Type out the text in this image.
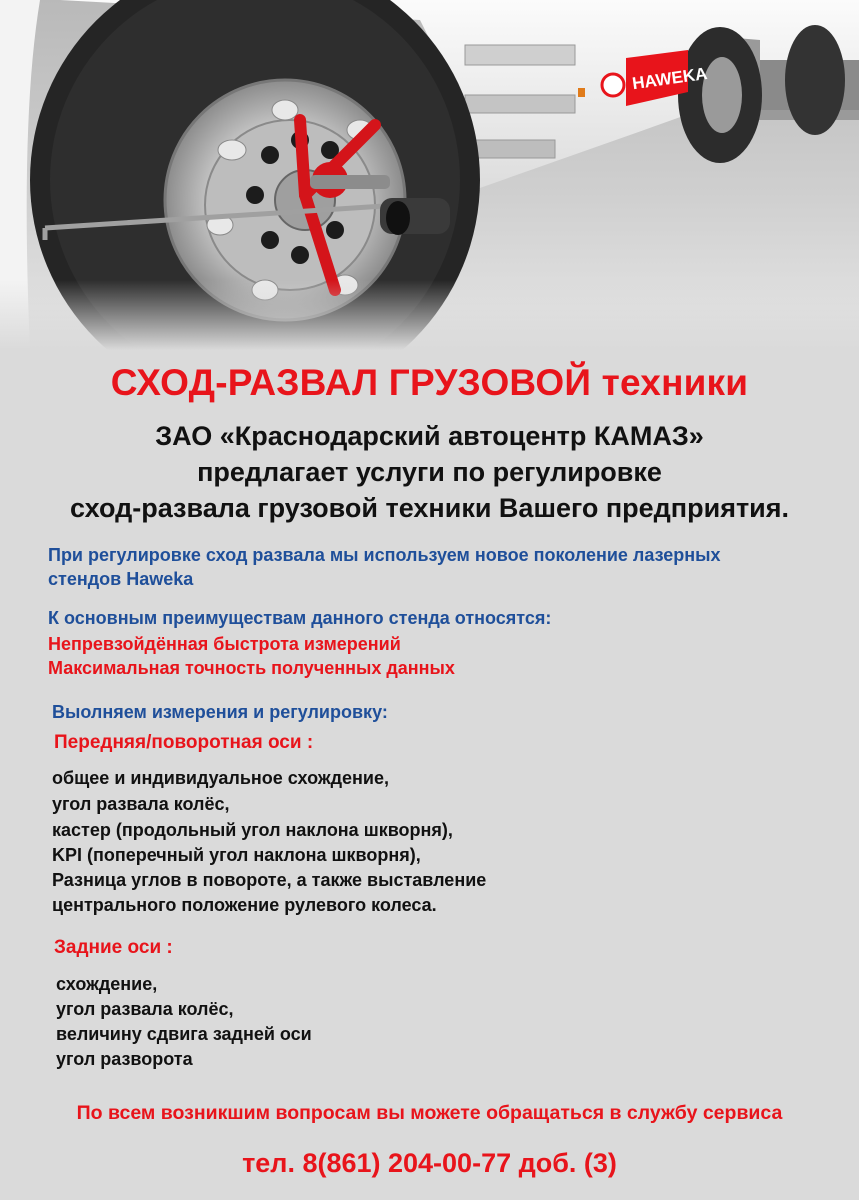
HAWEKA
СХОД-РАЗВАЛ ГРУЗОВОЙ техники

ЗАО «Краснодарский автоцентр КАМАЗ»

предлагает услуги по регулировке

сход-развала грузовой техники Вашего предприятия.

При регулировке сход развала мы используем новое поколение лазерных

стендов Haweka

К основным преимуществам данного стенда относятся:

Непревзойдённая быстрота измерений

Максимальная точность полученных данных

Выолняем измерения и регулировку:

Передняя/поворотная оси :

общее и индивидуальное схождение,

угол развала колёс,

кастер (продольный угол наклона шкворня),

KPI (поперечный угол наклона шкворня),

Разница углов в повороте, а также выставление

центрального положение рулевого колеса.

Задние оси :

схождение,

угол развала колёс,

величину сдвига задней оси

угол разворота

По всем возникшим вопросам вы можете обращаться в службу сервиса

тел. 8(861) 204-00-77 доб. (3)
